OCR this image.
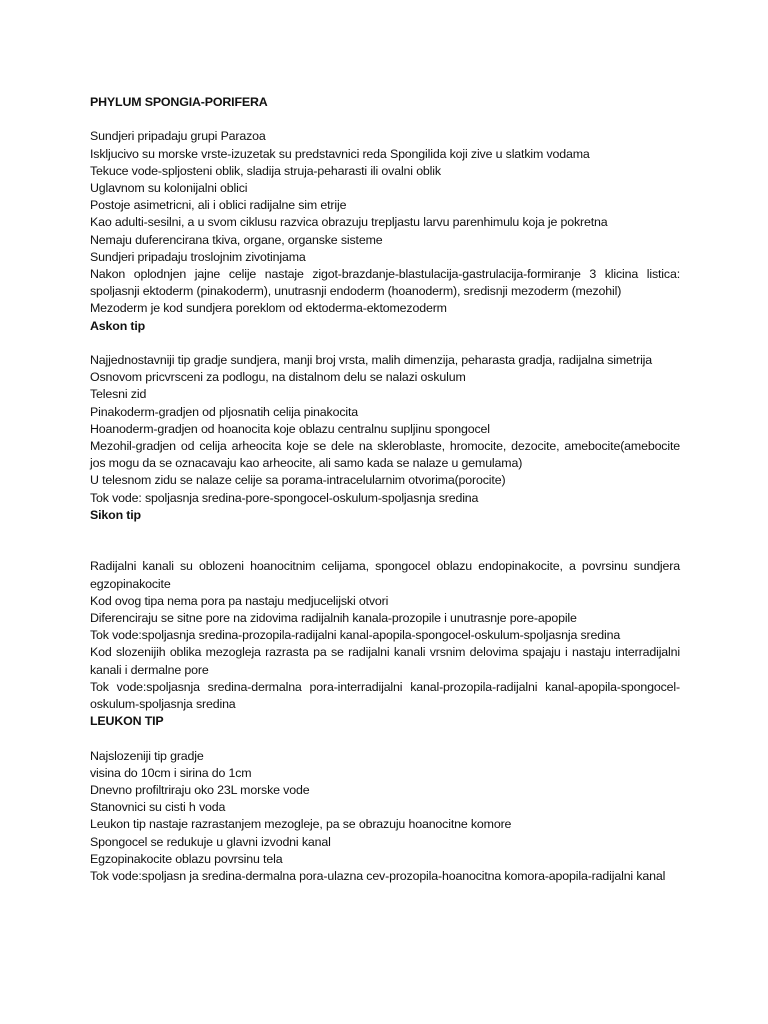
PHYLUM SPONGIA-PORIFERA
Sundjeri pripadaju grupi Parazoa
Iskljucivo su morske vrste-izuzetak su predstavnici reda Spongilida koji zive u slatkim vodama
Tekuce vode-spljosteni oblik, sladija struja-peharasti ili ovalni oblik
Uglavnom su kolonijalni oblici
Postoje asimetricni, ali i oblici radijalne sim etrije
Kao adulti-sesilni, a u svom ciklusu razvica obrazuju trepljastu larvu parenhimulu koja je pokretna
Nemaju duferencirana tkiva, organe, organske sisteme
Sundjeri pripadaju troslojnim zivotinjama
Nakon oplodnjen jajne celije nastaje zigot-brazdanje-blastulacija-gastrulacija-formiranje 3 klicina listica: spoljasnji ektoderm (pinakoderm), unutrasnji endoderm (hoanoderm), sredisnji mezoderm (mezohil)
Mezoderm je kod sundjera poreklom od ektoderma-ektomezoderm
Askon tip
Najjednostavniji tip gradje sundjera, manji broj vrsta, malih dimenzija, peharasta gradja, radijalna simetrija
Osnovom pricvrsceni za podlogu, na distalnom delu se nalazi oskulum
Telesni zid
Pinakoderm-gradjen od pljosnatih celija pinakocita
Hoanoderm-gradjen od hoanocita koje oblazu centralnu supljinu spongocel
Mezohil-gradjen od celija arheocita koje se dele na skleroblaste, hromocite, dezocite, amebocite(amebocite jos mogu da se oznacavaju kao arheocite, ali samo kada se nalaze u gemulama)
U telesnom zidu se nalaze celije sa porama-intracelularnim otvorima(porocite)
Tok vode: spoljasnja sredina-pore-spongocel-oskulum-spoljasnja sredina
Sikon tip
Radijalni kanali su oblozeni hoanocitnim celijama, spongocel oblazu endopinakocite, a povrsinu sundjera egzopinakocite
Kod ovog tipa nema pora pa nastaju medjucelijski otvori
Diferenciraju se sitne pore na zidovima radijalnih kanala-prozopile i unutrasnje pore-apopile
Tok vode:spoljasnja sredina-prozopila-radijalni kanal-apopila-spongocel-oskulum-spoljasnja sredina
Kod slozenijih oblika mezogleja razrasta pa se radijalni kanali vrsnim delovima spajaju i nastaju interradijalni kanali i dermalne pore
Tok vode:spoljasnja sredina-dermalna pora-interradijalni kanal-prozopila-radijalni kanal-apopila-spongocel-oskulum-spoljasnja sredina
LEUKON TIP
Najslozeniji tip gradje
visina do 10cm i sirina do 1cm
Dnevno profiltriraju oko 23L morske vode
Stanovnici su cisti h voda
Leukon tip nastaje razrastanjem mezogleje, pa se obrazuju hoanocitne komore
Spongocel se redukuje u glavni izvodni kanal
Egzopinakocite oblazu povrsinu tela
Tok vode:spoljasn ja sredina-dermalna pora-ulazna cev-prozopila-hoanocitna komora-apopila-radijalni kanal
